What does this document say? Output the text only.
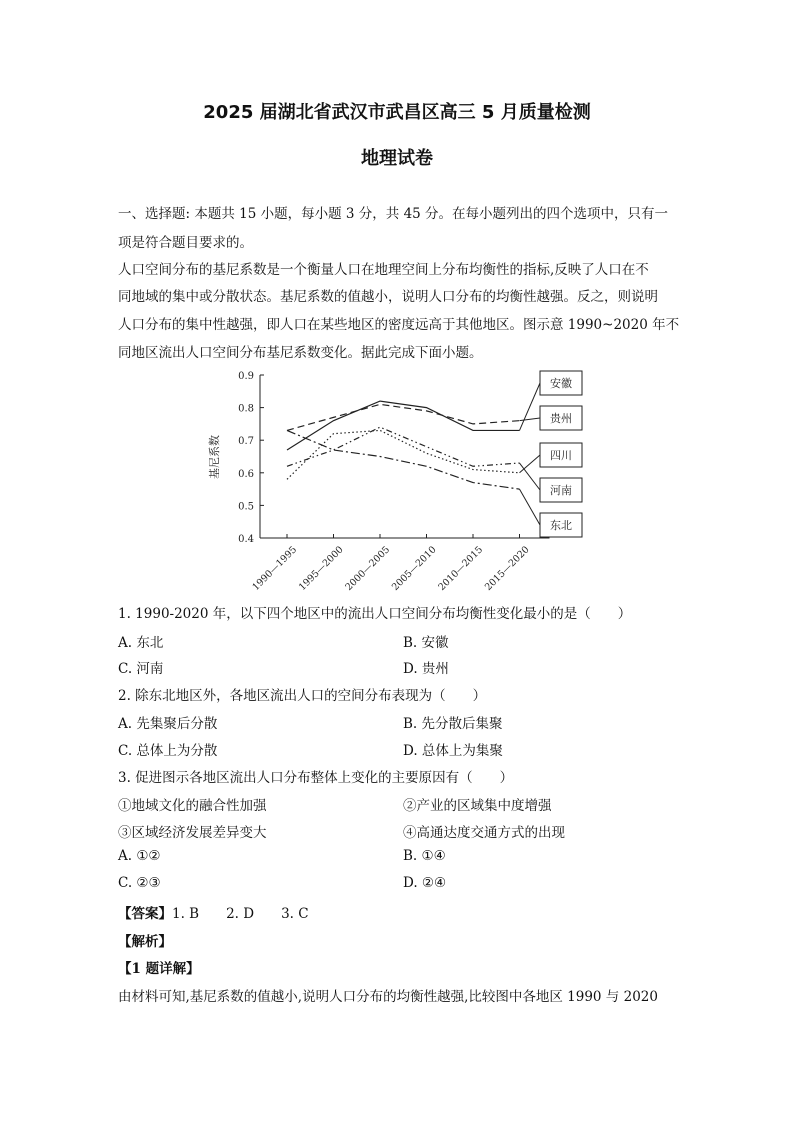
2025 届湖北省武汉市武昌区高三 5 月质量检测
地理试卷
一、选择题: 本题共 15 小题，每小题 3 分，共 45 分。在每小题列出的四个选项中，只有一
项是符合题目要求的。
人口空间分布的基尼系数是一个衡量人口在地理空间上分布均衡性的指标,反映了人口在不
同地域的集中或分散状态。基尼系数的值越小，说明人口分布的均衡性越强。反之，则说明
人口分布的集中性越强，即人口在某些地区的密度远高于其他地区。图示意 1990~2020 年不
同地区流出人口空间分布基尼系数变化。据此完成下面小题。
0.4
0.5
0.6
0.7
0.8
0.9
1990—1995
1995—2000
2000—2005
2005—2010
2010—2015
2015—2020
安徽
贵州
四川
河南
东北
基尼系数
1. 1990-2020 年，以下四个地区中的流出人口空间分布均衡性变化最小的是（　　）
A. 东北	B. 安徽
C. 河南	D. 贵州
2. 除东北地区外，各地区流出人口的空间分布表现为（　　）
A. 先集聚后分散	B. 先分散后集聚
C. 总体上为分散	D. 总体上为集聚
3. 促进图示各地区流出人口分布整体上变化的主要原因有（　　）
①地域文化的融合性加强	②产业的区域集中度增强
③区域经济发展差异变大	④高通达度交通方式的出现
A. ①②	B. ①④
C. ②③	D. ②④
【答案】1. B　　2. D　　3. C
【解析】
【1 题详解】
由材料可知,基尼系数的值越小,说明人口分布的均衡性越强,比较图中各地区 1990 与 2020
